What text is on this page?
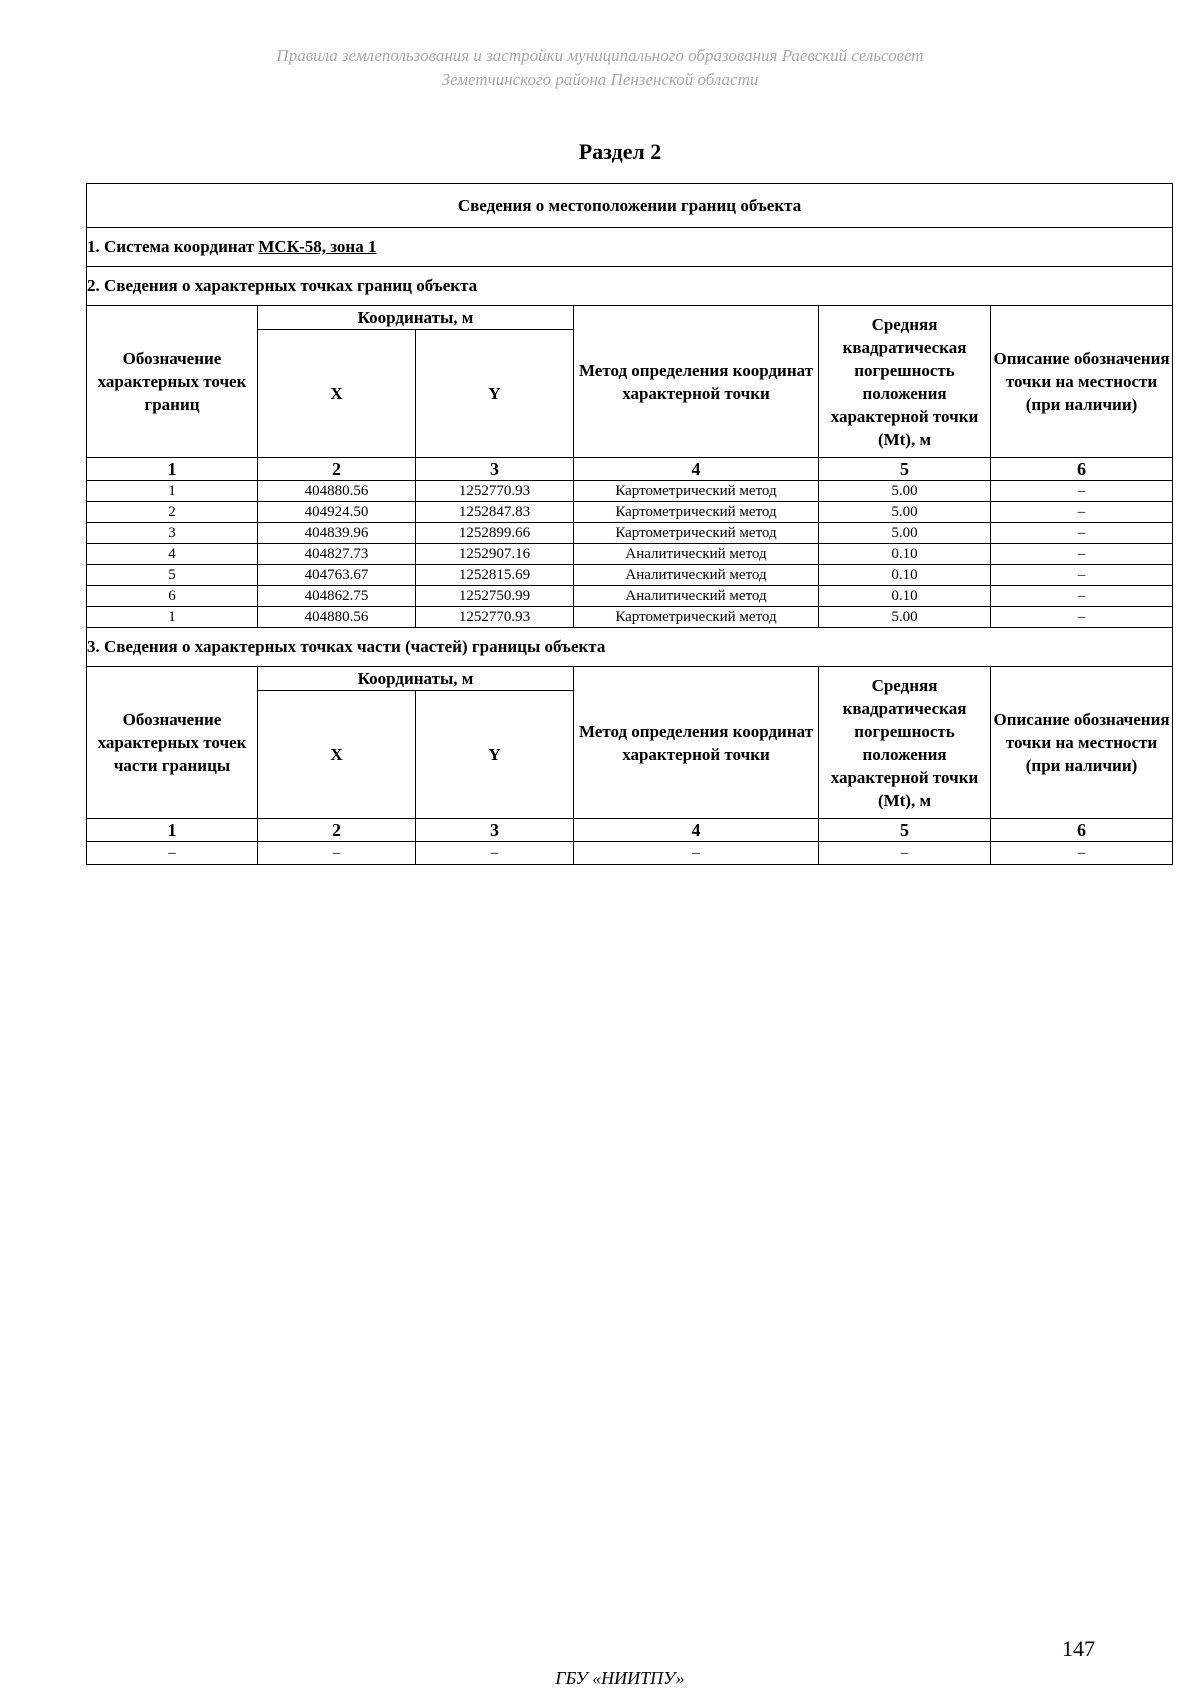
Правила землепользования и застройки муниципального образования Раевский сельсовет
Земетчинского района Пензенской области
Раздел 2
Сведения о местоположении границ объекта					
1. Система координат МСК-58, зона 1					
2. Сведения о характерных точках границ объекта					
Обозначение характерных точек границ	Координаты, м		Метод определения координат характерной точки	Средняя квадратическая погрешность положения характерной точки (Mt), м	Описание обозначения точки на местности (при наличии)
	X	Y			
1	2	3	4	5	6
1	404880.56	1252770.93	Картометрический метод	5.00	–
2	404924.50	1252847.83	Картометрический метод	5.00	–
3	404839.96	1252899.66	Картометрический метод	5.00	–
4	404827.73	1252907.16	Аналитический метод	0.10	–
5	404763.67	1252815.69	Аналитический метод	0.10	–
6	404862.75	1252750.99	Аналитический метод	0.10	–
1	404880.56	1252770.93	Картометрический метод	5.00	–
3. Сведения о характерных точках части (частей) границы объекта					
Обозначение характерных точек части границы	Координаты, м		Метод определения координат характерной точки	Средняя квадратическая погрешность положения характерной точки (Mt), м	Описание обозначения точки на местности (при наличии)
	X	Y			
1	2	3	4	5	6
–	–	–	–	–	–
147
ГБУ «НИИТПУ»
